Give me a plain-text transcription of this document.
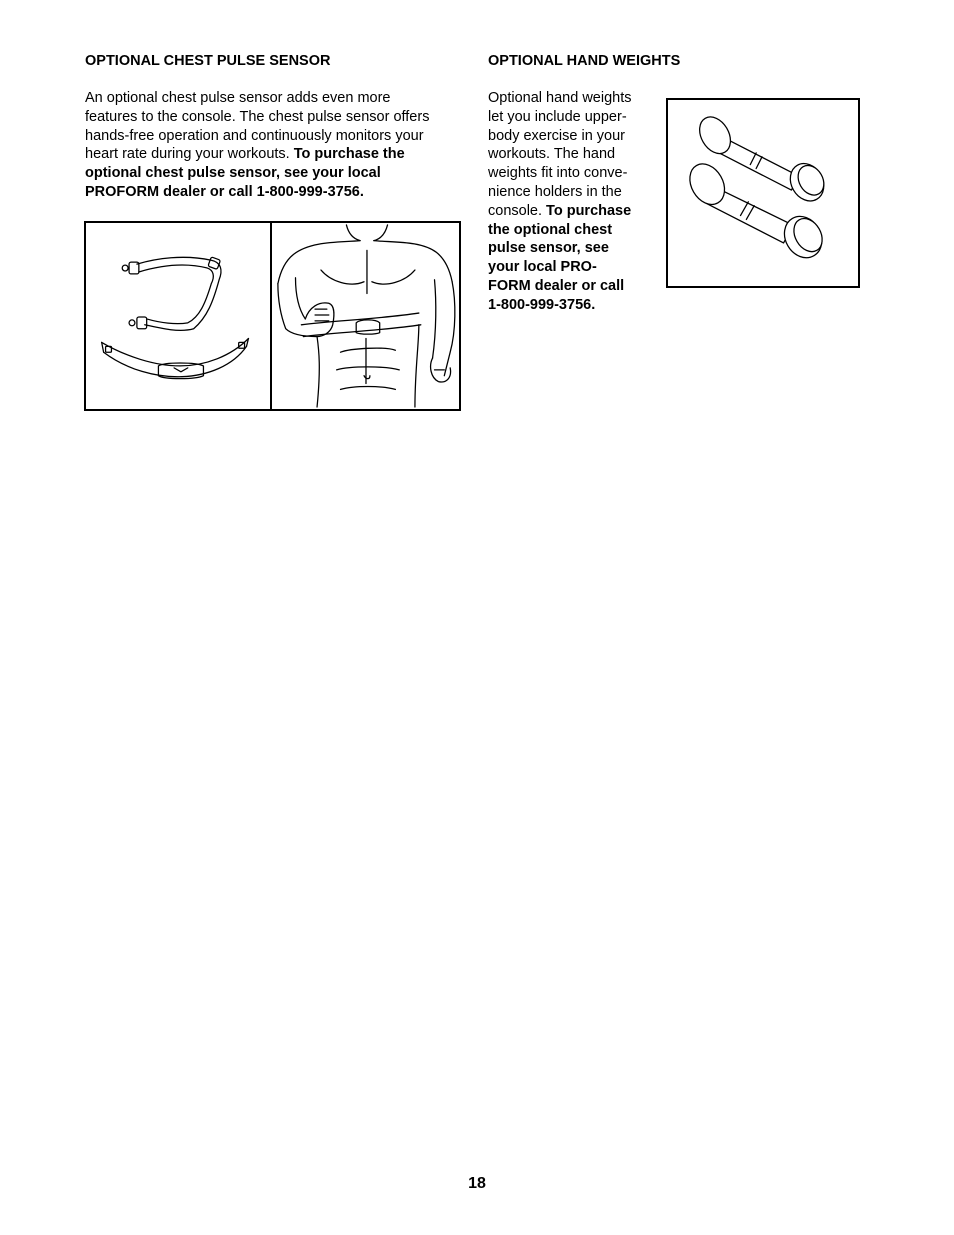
OPTIONAL CHEST PULSE SENSOR

An optional chest pulse sensor adds even more
features to the console. The chest pulse sensor offers
hands-free operation and continuously monitors your
heart rate during your workouts. To purchase the
optional chest pulse sensor, see your local
PROFORM dealer or call 1-800-999-3756.

OPTIONAL HAND WEIGHTS

Optional hand weights
let you include upper-
body exercise in your
workouts. The hand
weights fit into conve-
nience holders in the
console. To purchase
the optional chest
pulse sensor, see
your local PRO-
FORM dealer or call
1-800-999-3756.

18
